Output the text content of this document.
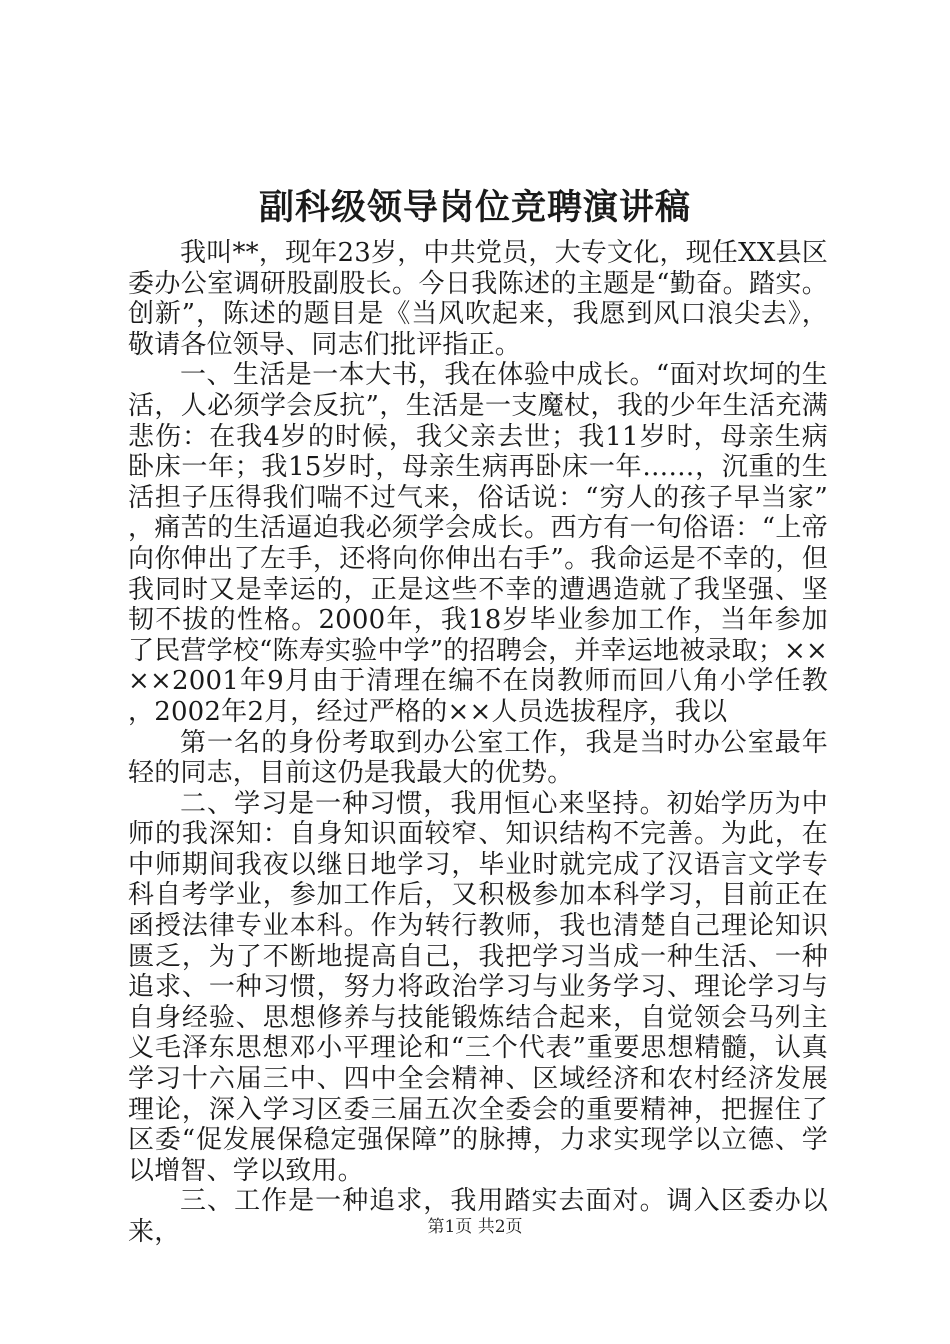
副科级领导岗位竞聘演讲稿

我叫**，现年23岁，中共党员，大专文化，现任XX县区委办公室调研股副股长。今日我陈述的主题是“勤奋。踏实。创新”，陈述的题目是《当风吹起来，我愿到风口浪尖去》，敬请各位领导、同志们批评指正。

一、生活是一本大书，我在体验中成长。“面对坎坷的生活，人必须学会反抗”，生活是一支魔杖，我的少年生活充满悲伤：在我4岁的时候，我父亲去世；我11岁时，母亲生病卧床一年；我15岁时，母亲生病再卧床一年……，沉重的生活担子压得我们喘不过气来，俗话说：“穷人的孩子早当家”，痛苦的生活逼迫我必须学会成长。西方有一句俗语：“上帝向你伸出了左手，还将向你伸出右手”。我命运是不幸的，但我同时又是幸运的，正是这些不幸的遭遇造就了我坚强、坚韧不拔的性格。2000年，我18岁毕业参加工作，当年参加了民营学校“陈寿实验中学”的招聘会，并幸运地被录取；××××2001年9月由于清理在编不在岗教师而回八角小学任教，2002年2月，经过严格的××人员选拔程序，我以

第一名的身份考取到办公室工作，我是当时办公室最年轻的同志，目前这仍是我最大的优势。

二、学习是一种习惯，我用恒心来坚持。初始学历为中师的我深知：自身知识面较窄、知识结构不完善。为此，在中师期间我夜以继日地学习，毕业时就完成了汉语言文学专科自考学业，参加工作后，又积极参加本科学习，目前正在函授法律专业本科。作为转行教师，我也清楚自己理论知识匮乏，为了不断地提高自己，我把学习当成一种生活、一种追求、一种习惯，努力将政治学习与业务学习、理论学习与自身经验、思想修养与技能锻炼结合起来，自觉领会马列主义毛泽东思想邓小平理论和“三个代表”重要思想精髓，认真学习十六届三中、四中全会精神、区域经济和农村经济发展理论，深入学习区委三届五次全委会的重要精神，把握住了区委“促发展保稳定强保障”的脉搏，力求实现学以立德、学以增智、学以致用。

三、工作是一种追求，我用踏实去面对。调入区委办以来，	第1页 共2页
